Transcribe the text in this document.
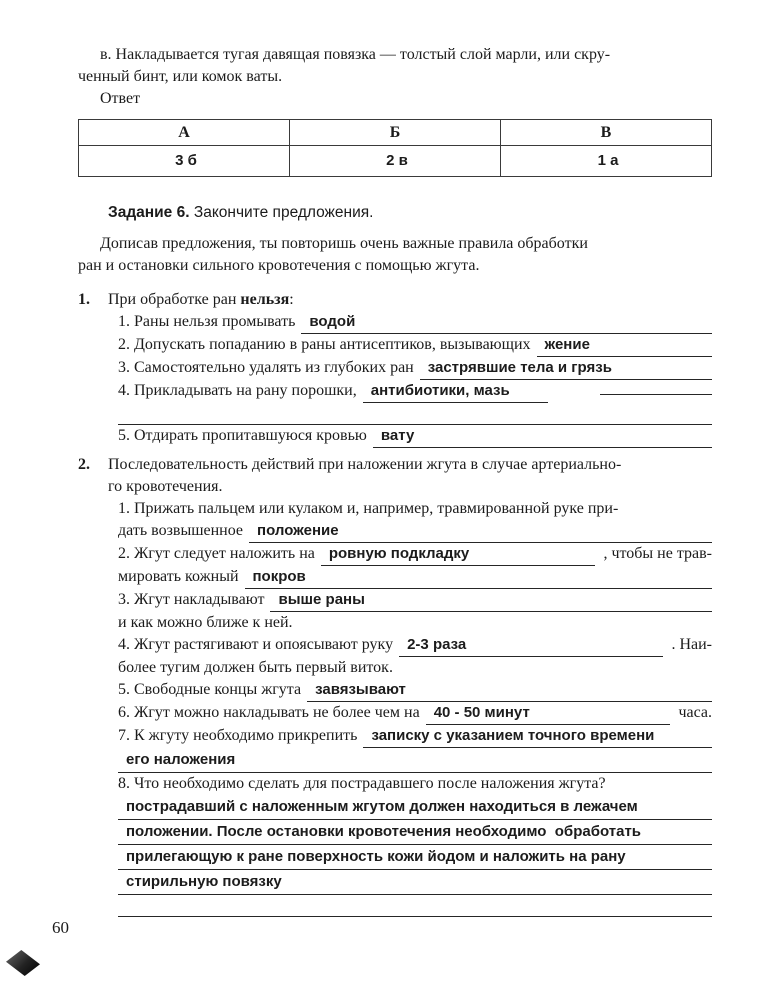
в. Накладывается тугая давящая повязка — толстый слой марли, или скру-
ченный бинт, или комок ваты.
Ответ
А	Б	В
3 б	2 в	1 а
Задание 6. Закончите предложения.
Дописав предложения, ты повторишь очень важные правила обработки
ран и остановки сильного кровотечения с помощью жгута.
1.	При обработке ран нельзя:
1. Раны нельзя промывать водой
2. Допускать попаданию в раны антисептиков, вызывающих жение
3. Самостоятельно удалять из глубоких ран застрявшие тела и грязь
4. Прикладывать на рану порошки, антибиотики, мазь
5. Отдирать пропитавшуюся кровью вату
2.	Последовательность действий при наложении жгута в случае артериально-
го кровотечения.
1. Прижать пальцем или кулаком и, например, травмированной руке при-
дать возвышенное положение
2. Жгут следует наложить на ровную подкладку	, чтобы не трав-
мировать кожный покров
3. Жгут накладывают выше раны
и как можно ближе к ней.
4. Жгут растягивают и опоясывают руку 2-3 раза	. Наи-
более тугим должен быть первый виток.
5. Свободные концы жгута завязывают
6. Жгут можно накладывать не более чем на 40 - 50 минут	часа.
7. К жгуту необходимо прикрепить записку с указанием точного времени
его наложения
8. Что необходимо сделать для пострадавшего после наложения жгута?
пострадавший с наложенным жгутом должен находиться в лежачем
положении. После остановки кровотечения необходимо  обработать
прилегающую к ране поверхность кожи йодом и наложить на рану
стирильную повязку
60
